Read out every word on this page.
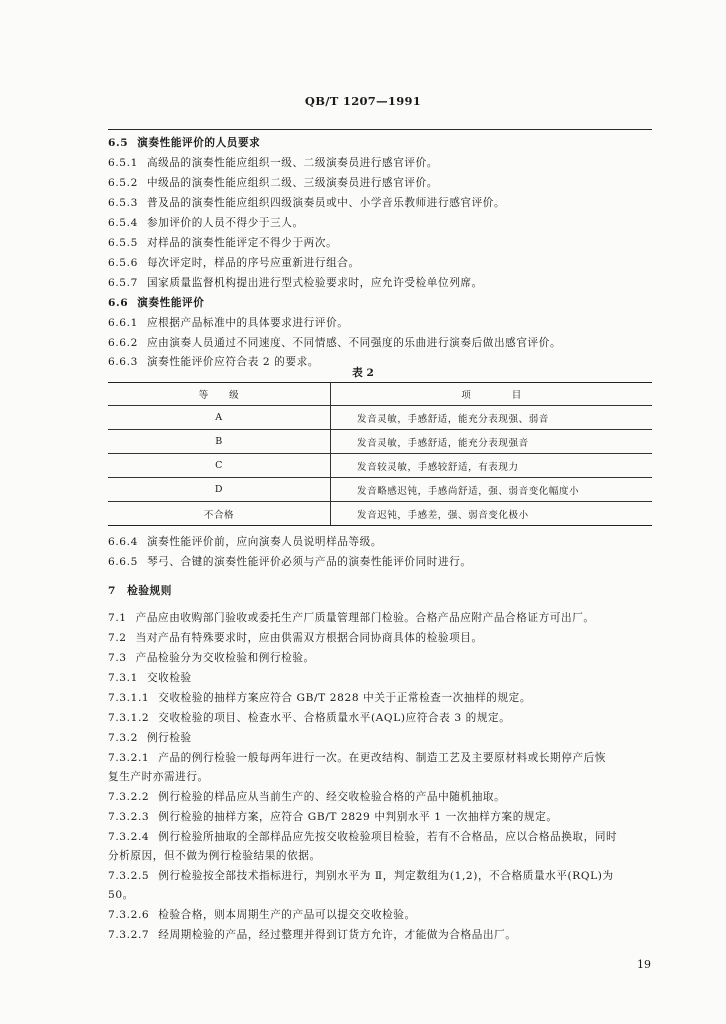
QB/T 1207—1991
6.5 演奏性能评价的人员要求
6.5.1 高级品的演奏性能应组织一级、二级演奏员进行感官评价。
6.5.2 中级品的演奏性能应组织二级、三级演奏员进行感官评价。
6.5.3 普及品的演奏性能应组织四级演奏员或中、小学音乐教师进行感官评价。
6.5.4 参加评价的人员不得少于三人。
6.5.5 对样品的演奏性能评定不得少于两次。
6.5.6 每次评定时，样品的序号应重新进行组合。
6.5.7 国家质量监督机构提出进行型式检验要求时，应允许受检单位列席。
6.6 演奏性能评价
6.6.1 应根据产品标准中的具体要求进行评价。
6.6.2 应由演奏人员通过不同速度、不同情感、不同强度的乐曲进行演奏后做出感官评价。
6.6.3 演奏性能评价应符合表 2 的要求。
表 2
等　　级	项　　　　目
A	发音灵敏，手感舒适，能充分表现强、弱音
B	发音灵敏，手感舒适，能充分表现强音
C	发音较灵敏，手感较舒适，有表现力
D	发音略感迟钝，手感尚舒适，强、弱音变化幅度小
不合格	发音迟钝，手感差，强、弱音变化极小
6.6.4 演奏性能评价前，应向演奏人员说明样品等级。
6.6.5 琴弓、合键的演奏性能评价必须与产品的演奏性能评价同时进行。
7　检验规则
7.1 产品应由收购部门验收或委托生产厂质量管理部门检验。合格产品应附产品合格证方可出厂。
7.2 当对产品有特殊要求时，应由供需双方根据合同协商具体的检验项目。
7.3 产品检验分为交收检验和例行检验。
7.3.1 交收检验
7.3.1.1 交收检验的抽样方案应符合 GB/T 2828 中关于正常检查一次抽样的规定。
7.3.1.2 交收检验的项目、检查水平、合格质量水平(AQL)应符合表 3 的规定。
7.3.2 例行检验
7.3.2.1 产品的例行检验一般每两年进行一次。在更改结构、制造工艺及主要原材料或长期停产后恢
复生产时亦需进行。
7.3.2.2 例行检验的样品应从当前生产的、经交收检验合格的产品中随机抽取。
7.3.2.3 例行检验的抽样方案，应符合 GB/T 2829 中判别水平 1 一次抽样方案的规定。
7.3.2.4 例行检验所抽取的全部样品应先按交收检验项目检验，若有不合格品，应以合格品换取，同时
分析原因，但不做为例行检验结果的依据。
7.3.2.5 例行检验按全部技术指标进行，判别水平为 Ⅱ，判定数组为(1,2)，不合格质量水平(RQL)为
50。
7.3.2.6 检验合格，则本周期生产的产品可以提交交收检验。
7.3.2.7 经周期检验的产品，经过整理并得到订货方允许，才能做为合格品出厂。
19
